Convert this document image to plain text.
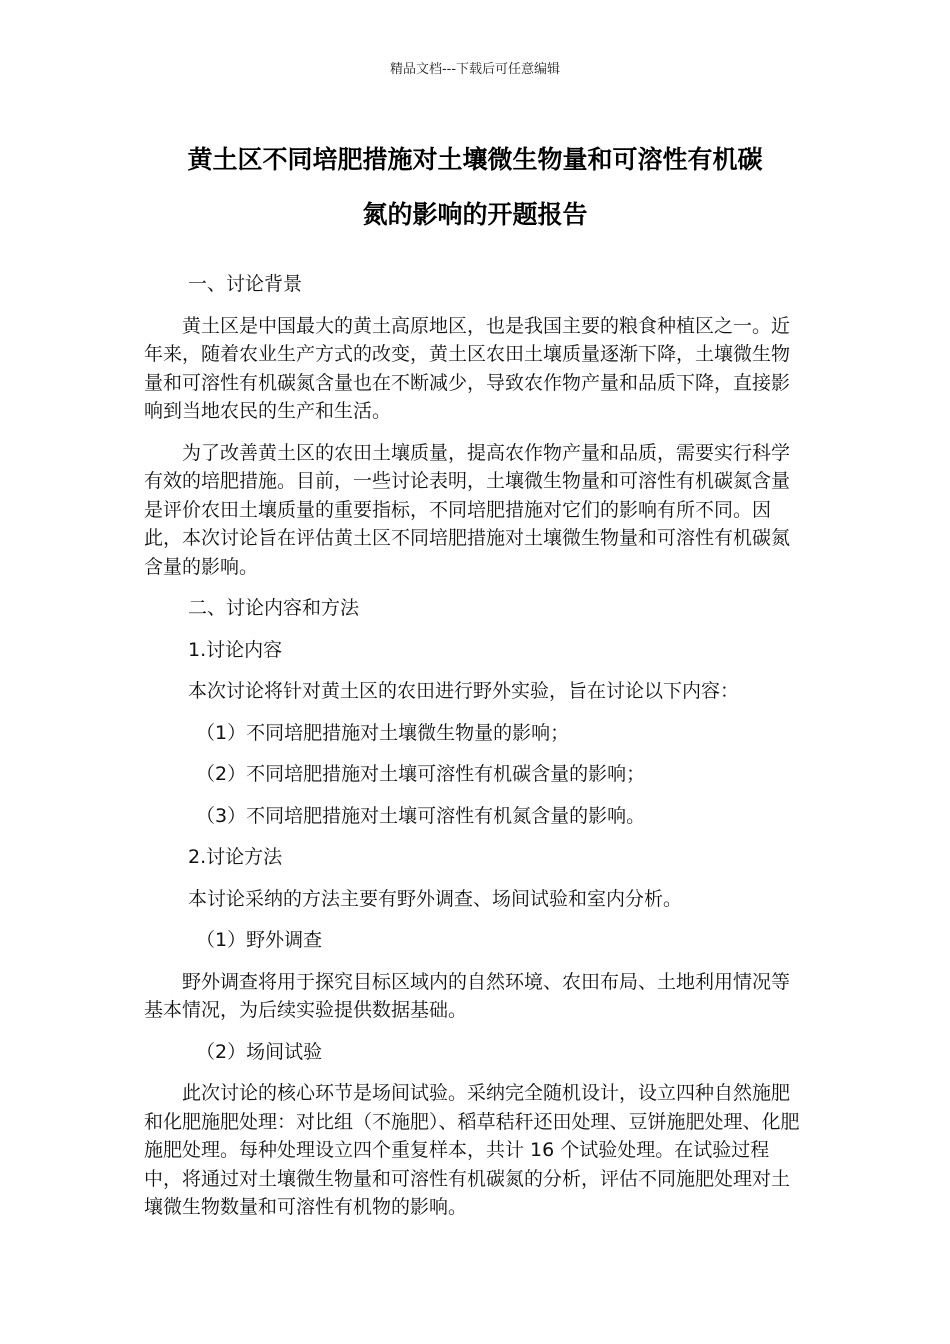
精品文档---下载后可任意编辑
黄土区不同培肥措施对土壤微生物量和可溶性有机碳
氮的影响的开题报告
一、讨论背景
黄土区是中国最大的黄土高原地区，也是我国主要的粮食种植区之一。近年来，随着农业生产方式的改变，黄土区农田土壤质量逐渐下降，土壤微生物量和可溶性有机碳氮含量也在不断减少，导致农作物产量和品质下降，直接影响到当地农民的生产和生活。
为了改善黄土区的农田土壤质量，提高农作物产量和品质，需要实行科学有效的培肥措施。目前，一些讨论表明，土壤微生物量和可溶性有机碳氮含量是评价农田土壤质量的重要指标，不同培肥措施对它们的影响有所不同。因此，本次讨论旨在评估黄土区不同培肥措施对土壤微生物量和可溶性有机碳氮含量的影响。
二、讨论内容和方法
1.讨论内容
本次讨论将针对黄土区的农田进行野外实验，旨在讨论以下内容：
（1）不同培肥措施对土壤微生物量的影响；
（2）不同培肥措施对土壤可溶性有机碳含量的影响；
（3）不同培肥措施对土壤可溶性有机氮含量的影响。
2.讨论方法
本讨论采纳的方法主要有野外调查、场间试验和室内分析。
（1）野外调查
野外调查将用于探究目标区域内的自然环境、农田布局、土地利用情况等基本情况，为后续实验提供数据基础。
（2）场间试验
此次讨论的核心环节是场间试验。采纳完全随机设计，设立四种自然施肥和化肥施肥处理：对比组（不施肥）、稻草秸秆还田处理、豆饼施肥处理、化肥施肥处理。每种处理设立四个重复样本，共计 16 个试验处理。在试验过程中，将通过对土壤微生物量和可溶性有机碳氮的分析，评估不同施肥处理对土壤微生物数量和可溶性有机物的影响。
